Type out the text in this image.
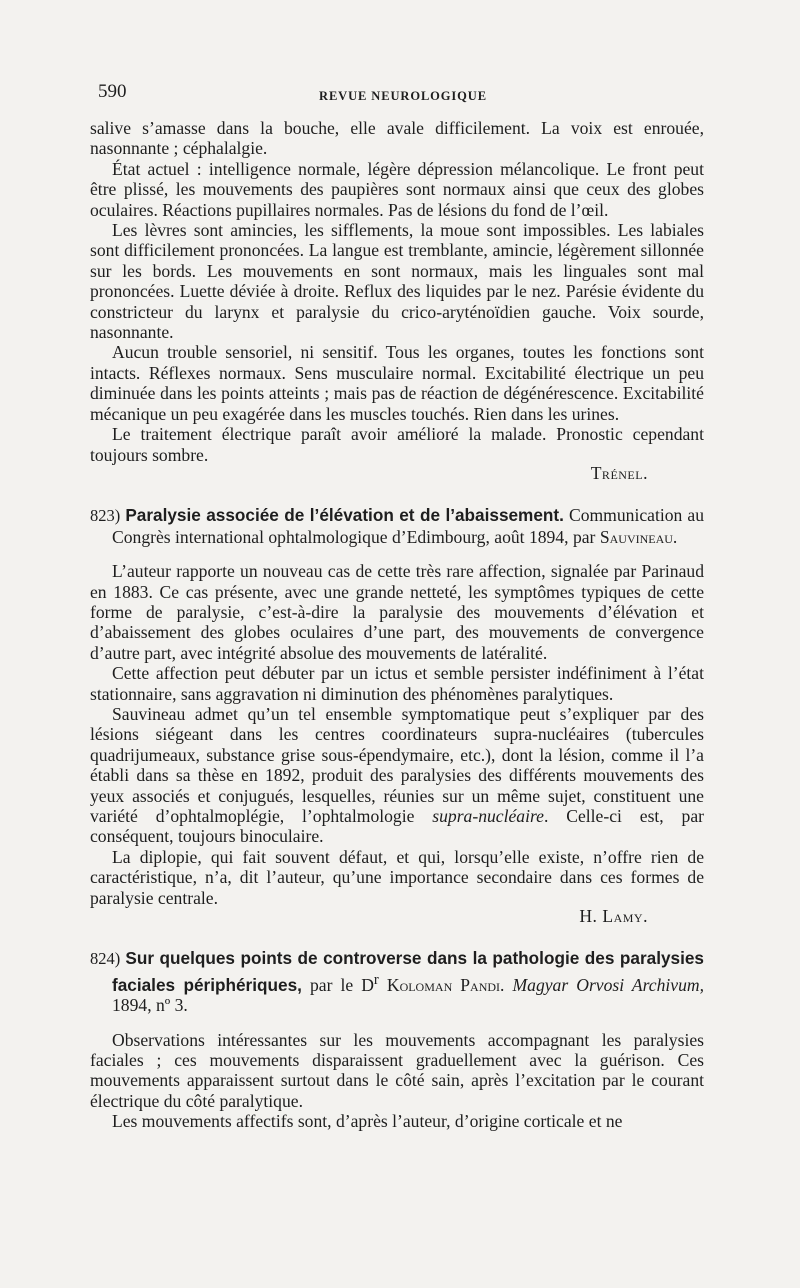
590	REVUE NEUROLOGIQUE

salive s’amasse dans la bouche, elle avale difficilement. La voix est enrouée, nasonnante ; céphalalgie.

État actuel : intelligence normale, légère dépression mélancolique. Le front peut être plissé, les mouvements des paupières sont normaux ainsi que ceux des globes oculaires. Réactions pupillaires normales. Pas de lésions du fond de l’œil.

Les lèvres sont amincies, les sifflements, la moue sont impossibles. Les labiales sont difficilement prononcées. La langue est tremblante, amincie, légèrement sillonnée sur les bords. Les mouvements en sont normaux, mais les linguales sont mal prononcées. Luette déviée à droite. Reflux des liquides par le nez. Parésie évidente du constricteur du larynx et paralysie du crico-aryténoïdien gauche. Voix sourde, nasonnante.

Aucun trouble sensoriel, ni sensitif. Tous les organes, toutes les fonctions sont intacts. Réflexes normaux. Sens musculaire normal. Excitabilité électrique un peu diminuée dans les points atteints ; mais pas de réaction de dégénérescence. Excitabilité mécanique un peu exagérée dans les muscles touchés. Rien dans les urines.

Le traitement électrique paraît avoir amélioré la malade. Pronostic cependant toujours sombre.

Trénel.

823) Paralysie associée de l’élévation et de l’abaissement. Communication au Congrès international ophtalmologique d’Edimbourg, août 1894, par Sauvineau.

L’auteur rapporte un nouveau cas de cette très rare affection, signalée par Parinaud en 1883. Ce cas présente, avec une grande netteté, les symptômes typiques de cette forme de paralysie, c’est-à-dire la paralysie des mouvements d’élévation et d’abaissement des globes oculaires d’une part, des mouvements de convergence d’autre part, avec intégrité absolue des mouvements de latéralité.

Cette affection peut débuter par un ictus et semble persister indéfiniment à l’état stationnaire, sans aggravation ni diminution des phénomènes paralytiques.

Sauvineau admet qu’un tel ensemble symptomatique peut s’expliquer par des lésions siégeant dans les centres coordinateurs supra-nucléaires (tubercules quadrijumeaux, substance grise sous-épendymaire, etc.), dont la lésion, comme il l’a établi dans sa thèse en 1892, produit des paralysies des différents mouvements des yeux associés et conjugués, lesquelles, réunies sur un même sujet, constituent une variété d’ophtalmoplégie, l’ophtalmologie supra-nucléaire. Celle-ci est, par conséquent, toujours binoculaire.

La diplopie, qui fait souvent défaut, et qui, lorsqu’elle existe, n’offre rien de caractéristique, n’a, dit l’auteur, qu’une importance secondaire dans ces formes de paralysie centrale.

H. Lamy.

824) Sur quelques points de controverse dans la pathologie des paralysies faciales périphériques, par le $D^r$ Koloman Pandi. Magyar Orvosi Archivum, 1894, nº 3.

Observations intéressantes sur les mouvements accompagnant les paralysies faciales ; ces mouvements disparaissent graduellement avec la guérison. Ces mouvements apparaissent surtout dans le côté sain, après l’excitation par le courant électrique du côté paralytique.

Les mouvements affectifs sont, d’après l’auteur, d’origine corticale et ne
